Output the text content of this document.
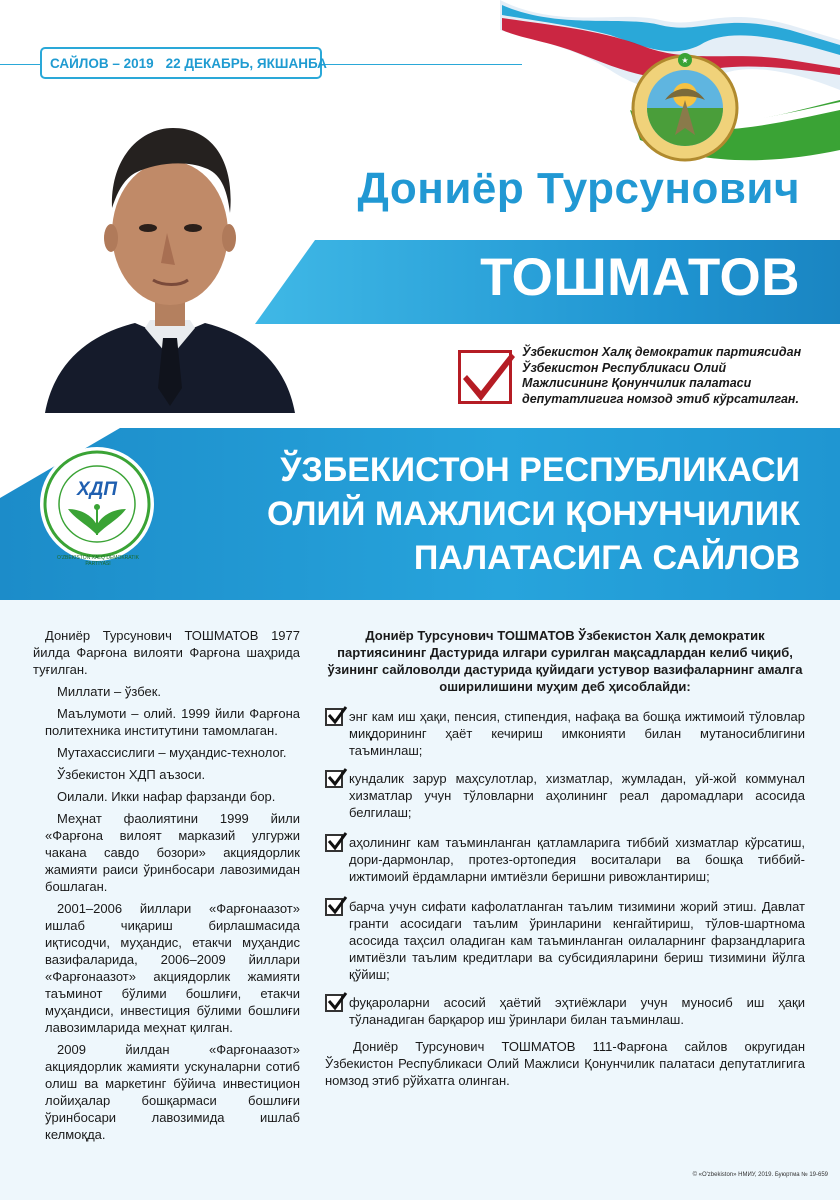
САЙЛОВ – 2019 22 ДЕКАБРЬ, ЯКШАНБА	★
Дониёр Турсунович
ТОШМАТОВ
Ўзбекистон Халқ демократик партиясидан Ўзбекистон Республикаси Олий Мажлисининг Қонунчилик палатаси депутатлигига номзод этиб кўрсатилган.
ЎЗБЕКИСТОН РЕСПУБЛИКАСИ
ОЛИЙ МАЖЛИСИ ҚОНУНЧИЛИК
ПАЛАТАСИГА САЙЛОВ
ХДП
O‘ZBEKISTON XALQ DEMOKRATIK PARTIYASI

Дониёр Турсунович ТОШМАТОВ 1977 йилда Фарғона вилояти Фарғона шаҳрида туғилган.

Миллати – ўзбек.

Маълумоти – олий. 1999 йили Фарғона политехника институтини тамомлаган.

Мутахассислиги – муҳандис-технолог.

Ўзбекистон ХДП аъзоси.

Оилали. Икки нафар фарзанди бор.

Меҳнат фаолиятини 1999 йили «Фарғона вилоят марказий улгуржи чакана савдо бозори» акциядорлик жамияти раиси ўринбосари лавозимидан бошлаган.

2001–2006 йиллари «Фарғонаазот» ишлаб чиқариш бирлашмасида иқтисодчи, муҳандис, етакчи муҳандис вазифаларида, 2006–2009 йиллари «Фарғонаазот» акциядорлик жамияти таъминот бўлими бошлиғи, етакчи муҳандиси, инвестиция бўлими бошлиғи лавозимларида меҳнат қилган.

2009 йилдан «Фарғонаазот» акциядорлик жамияти ускуналарни сотиб олиш ва маркетинг бўйича инвестицион лойиҳалар бошқармаси бошлиғи ўринбосари лавозимида ишлаб келмоқда.

Дониёр Турсунович ТОШМАТОВ Ўзбекистон Халқ демократик партиясининг Дастурида илгари сурилган мақсадлардан келиб чиқиб, ўзининг сайловолди дастурида қуйидаги устувор вазифаларнинг амалга оширилишини муҳим деб ҳисоблайди:
энг кам иш ҳақи, пенсия, стипендия, нафақа ва бошқа ижтимоий тўловлар миқдорининг ҳаёт кечириш имконияти билан мутаносиблигини таъминлаш;
кундалик зарур маҳсулотлар, хизматлар, жумладан, уй-жой коммунал хизматлар учун тўловларни аҳолининг реал даромадлари асосида белгилаш;
аҳолининг кам таъминланган қатламларига тиббий хизматлар кўрсатиш, дори-дармонлар, протез-ортопедия воситалари ва бошқа тиббий-ижтимоий ёрдамларни имтиёзли беришни ривожлантириш;
барча учун сифати кафолатланган таълим тизимини жорий этиш. Давлат гранти асосидаги таълим ўринларини кенгайтириш, тўлов-шартнома асосида таҳсил оладиган кам таъминланган оилаларнинг фарзандларига имтиёзли таълим кредитлари ва субсидияларини бериш тизимини йўлга қўйиш;
фуқароларни асосий ҳаётий эҳтиёжлари учун муносиб иш ҳақи тўланадиган барқарор иш ўринлари билан таъминлаш.
Дониёр Турсунович ТОШМАТОВ 111-Фарғона сайлов округидан Ўзбекистон Республикаси Олий Мажлиси Қонунчилик палатаси депутатлигига номзод этиб рўйхатга олинган.
© «O'zbekiston» НМИУ, 2019. Буюртма № 19-659
